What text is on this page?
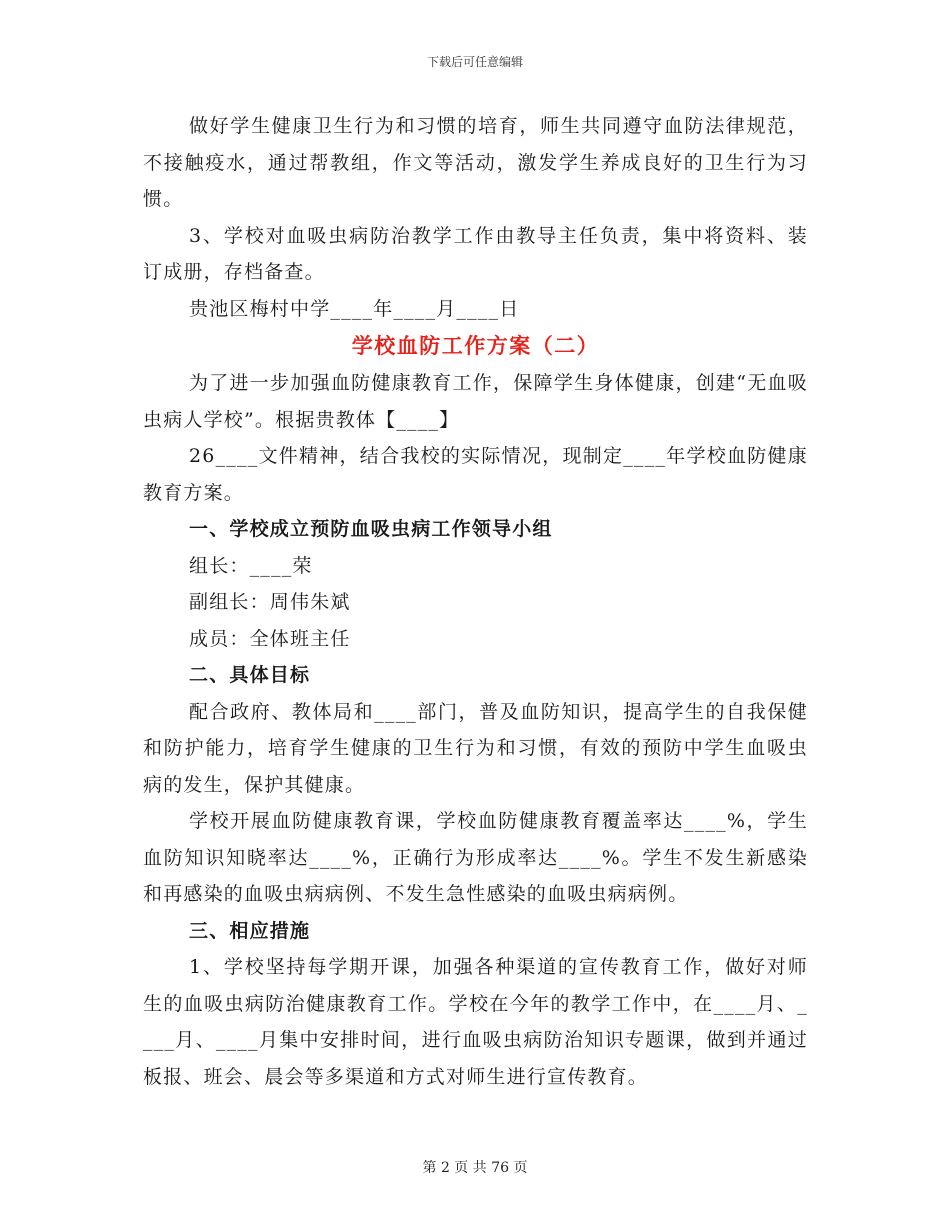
下载后可任意编辑

做好学生健康卫生行为和习惯的培育，师生共同遵守血防法律规范，不接触疫水，通过帮教组，作文等活动，激发学生养成良好的卫生行为习惯。

3、学校对血吸虫病防治教学工作由教导主任负责，集中将资料、装订成册，存档备查。

贵池区梅村中学____年____月____日

学校血防工作方案（二）

为了进一步加强血防健康教育工作，保障学生身体健康，创建“无血吸虫病人学校”。根据贵教体【____】

26____文件精神，结合我校的实际情况，现制定____年学校血防健康教育方案。

一、学校成立预防血吸虫病工作领导小组

组长：____荣

副组长：周伟朱斌

成员：全体班主任

二、具体目标

配合政府、教体局和____部门，普及血防知识，提高学生的自我保健和防护能力，培育学生健康的卫生行为和习惯，有效的预防中学生血吸虫病的发生，保护其健康。

学校开展血防健康教育课，学校血防健康教育覆盖率达____%，学生血防知识知晓率达____%，正确行为形成率达____%。学生不发生新感染和再感染的血吸虫病病例、不发生急性感染的血吸虫病病例。

三、相应措施

1、学校坚持每学期开课，加强各种渠道的宣传教育工作，做好对师生的血吸虫病防治健康教育工作。学校在今年的教学工作中，在____月、____月、____月集中安排时间，进行血吸虫病防治知识专题课，做到并通过板报、班会、晨会等多渠道和方式对师生进行宣传教育。

第 2 页 共 76 页
